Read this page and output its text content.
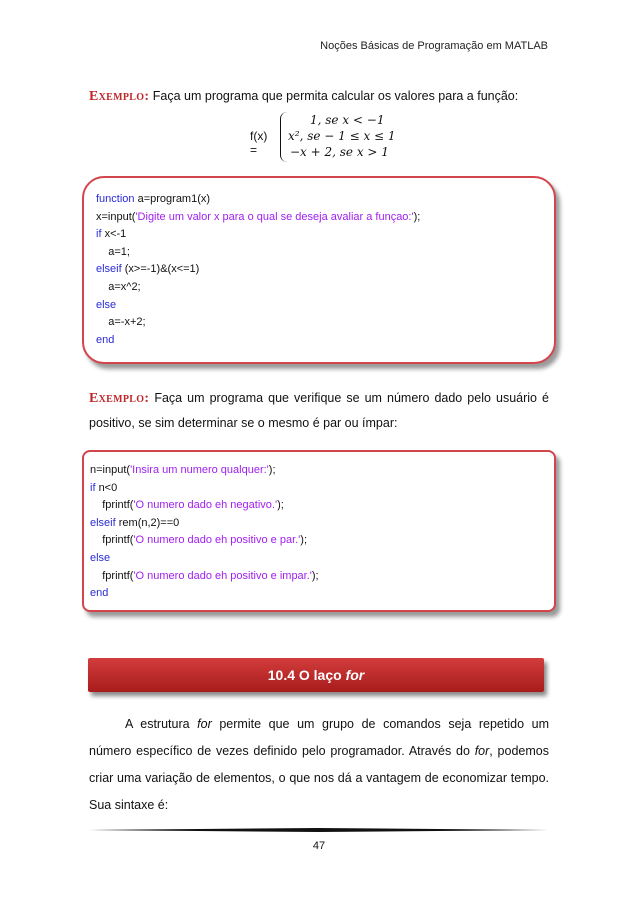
Noções Básicas de Programação em MATLAB
Exemplo: Faça um programa que permita calcular os valores para a função:
f(x) =
1, se x < −1
x², se − 1 ≤ x ≤ 1
−x + 2, se x > 1
function a=program1(x)
x=input('Digite um valor x para o qual se deseja avaliar a funçao:');
if x<-1
a=1;
elseif (x>=-1)&(x<=1)
a=x^2;
else
a=-x+2;
end
Exemplo: Faça um programa que verifique se um número dado pelo usuário é positivo, se sim determinar se o mesmo é par ou ímpar:
n=input('Insira um numero qualquer:');
if n<0
fprintf('O numero dado eh negativo.');
elseif rem(n,2)==0
fprintf('O numero dado eh positivo e par.');
else
fprintf('O numero dado eh positivo e impar.');
end
10.4 O laço for
A estrutura for permite que um grupo de comandos seja repetido um número específico de vezes definido pelo programador. Através do for, podemos criar uma variação de elementos, o que nos dá a vantagem de economizar tempo. Sua sintaxe é:
47
